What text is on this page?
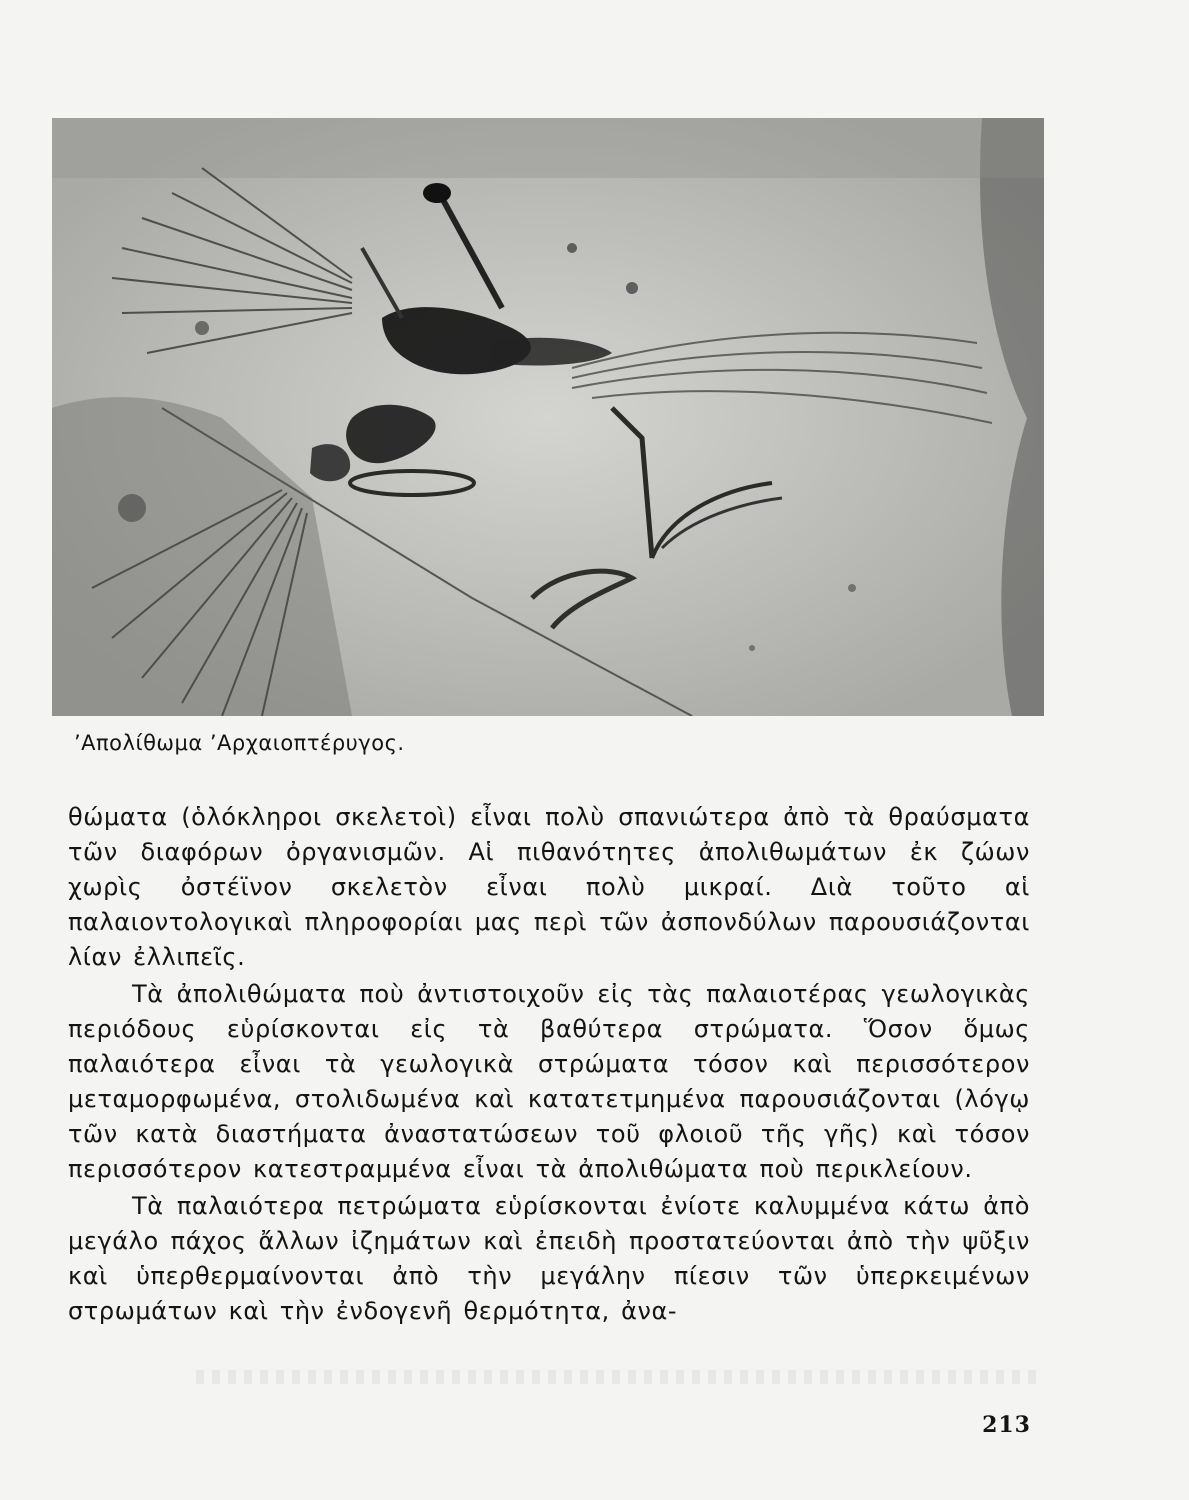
’Απολίθωμα ’Αρχαιοπτέρυγος.

θώματα (ὁλόκληροι σκελετοὶ) εἶναι πολὺ σπανιώτερα ἀπὸ τὰ θραύσματα τῶν διαφόρων ὀργανισμῶν. Αἱ πιθανότητες ἀπολιθωμάτων ἐκ ζώων χωρὶς ὀστέϊνον σκελετὸν εἶναι πολὺ μικραί. Διὰ τοῦτο αἱ παλαιοντολογικαὶ πληροφορίαι μας περὶ τῶν ἀσπονδύλων παρουσιάζονται λίαν ἐλλιπεῖς.

Τὰ ἀπολιθώματα ποὺ ἀντιστοιχοῦν εἰς τὰς παλαιοτέρας γεωλογικὰς περιόδους εὑρίσκονται εἰς τὰ βαθύτερα στρώματα. Ὅσον ὅμως παλαιότερα εἶναι τὰ γεωλογικὰ στρώματα τόσον καὶ περισσότερον μεταμορφωμένα, στολιδωμένα καὶ κατατετμημένα παρουσιάζονται (λόγῳ τῶν κατὰ διαστήματα ἀναστατώσεων τοῦ φλοιοῦ τῆς γῆς) καὶ τόσον περισσότερον κατεστραμμένα εἶναι τὰ ἀπολιθώματα ποὺ περικλείουν.

Τὰ παλαιότερα πετρώματα εὑρίσκονται ἐνίοτε καλυμμένα κάτω ἀπὸ μεγάλο πάχος ἄλλων ἰζημάτων καὶ ἐπειδὴ προστατεύονται ἀπὸ τὴν ψῦξιν καὶ ὑπερθερμαίνονται ἀπὸ τὴν μεγάλην πίεσιν τῶν ὑπερκειμένων στρωμάτων καὶ τὴν ἐνδογενῆ θερμότητα, ἀνα-

213
